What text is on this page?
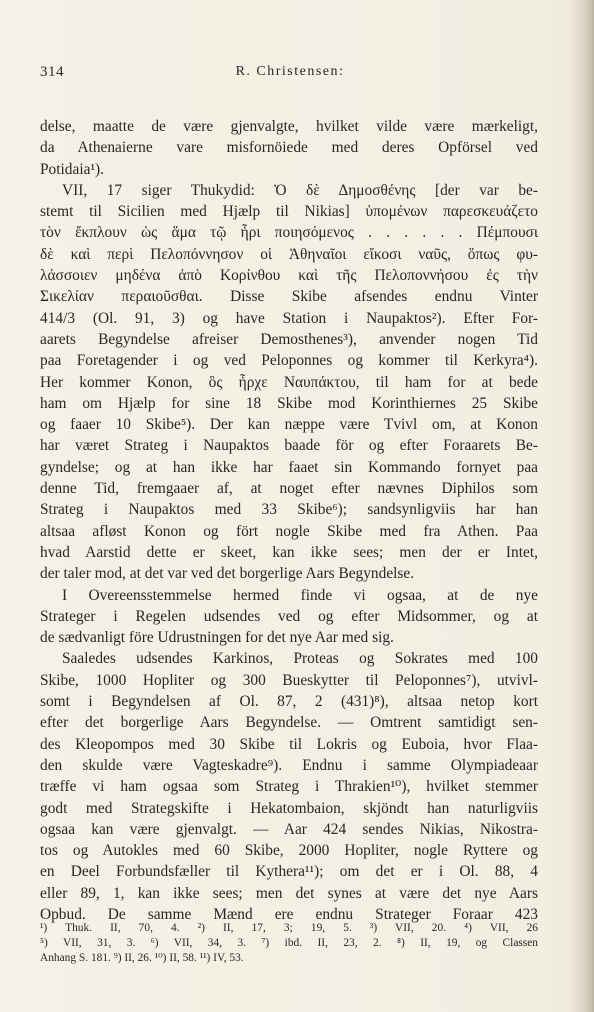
314	R. Christensen:
delse, maatte de være gjenvalgte, hvilket vilde være mærkeligt,
da Athenaierne vare misfornöiede med deres Opförsel ved
Potidaia¹).
VII, 17 siger Thukydid: Ὁ δὲ Δημοσθένης [der var be-
stemt til Sicilien med Hjælp til Nikias] ὑπομένων παρεσκευάζετο
τὸν ἔκπλουν ὡς ἅμα τῷ ἦρι ποιησόμενος . . . . . . Πέμπουσι
δὲ καὶ περὶ Πελοπόννησον οἱ Ἀθηναῖοι εἴκοσι ναῦς, ὅπως φυ-
λάσσοιεν μηδένα ἀπὸ Κορίνθου καὶ τῆς Πελοποννήσου ἐς τὴν
Σικελίαν περαιοῦσθαι. Disse Skibe afsendes endnu Vinter
414/3 (Ol. 91, 3) og have Station i Naupaktos²). Efter For-
aarets Begyndelse afreiser Demosthenes³), anvender nogen Tid
paa Foretagender i og ved Peloponnes og kommer til Kerkyra⁴).
Her kommer Konon, ὃς ἦρχε Ναυπάκτου, til ham for at bede
ham om Hjælp for sine 18 Skibe mod Korinthiernes 25 Skibe
og faaer 10 Skibe⁵). Der kan næppe være Tvivl om, at Konon
har været Strateg i Naupaktos baade för og efter Foraarets Be-
gyndelse; og at han ikke har faaet sin Kommando fornyet paa
denne Tid, fremgaaer af, at noget efter nævnes Diphilos som
Strateg i Naupaktos med 33 Skibe⁶); sandsynligviis har han
altsaa afløst Konon og fört nogle Skibe med fra Athen. Paa
hvad Aarstid dette er skeet, kan ikke sees; men der er Intet,
der taler mod, at det var ved det borgerlige Aars Begyndelse.
I Overeensstemmelse hermed finde vi ogsaa, at de nye
Strateger i Regelen udsendes ved og efter Midsommer, og at
de sædvanligt före Udrustningen for det nye Aar med sig.
Saaledes udsendes Karkinos, Proteas og Sokrates med 100
Skibe, 1000 Hopliter og 300 Bueskytter til Peloponnes⁷), utvivl-
somt i Begyndelsen af Ol. 87, 2 (431)⁸), altsaa netop kort
efter det borgerlige Aars Begyndelse. — Omtrent samtidigt sen-
des Kleopompos med 30 Skibe til Lokris og Euboia, hvor Flaa-
den skulde være Vagteskadre⁹). Endnu i samme Olympiadeaar
træffe vi ham ogsaa som Strateg i Thrakien¹⁰), hvilket stemmer
godt med Strategskifte i Hekatombaion, skjöndt han naturligviis
ogsaa kan være gjenvalgt. — Aar 424 sendes Nikias, Nikostra-
tos og Autokles med 60 Skibe, 2000 Hopliter, nogle Ryttere og
en Deel Forbundsfæller til Kythera¹¹); om det er i Ol. 88, 4
eller 89, 1, kan ikke sees; men det synes at være det nye Aars
Opbud. De samme Mænd ere endnu Strateger Foraar 423
¹) Thuk. II, 70, 4. ²) II, 17, 3; 19, 5. ³) VII, 20. ⁴) VII, 26
⁵) VII, 31, 3. ⁶) VII, 34, 3. ⁷) ibd. II, 23, 2. ⁸) II, 19, og Classen
Anhang S. 181. ⁹) II, 26. ¹⁰) II, 58. ¹¹) IV, 53.
